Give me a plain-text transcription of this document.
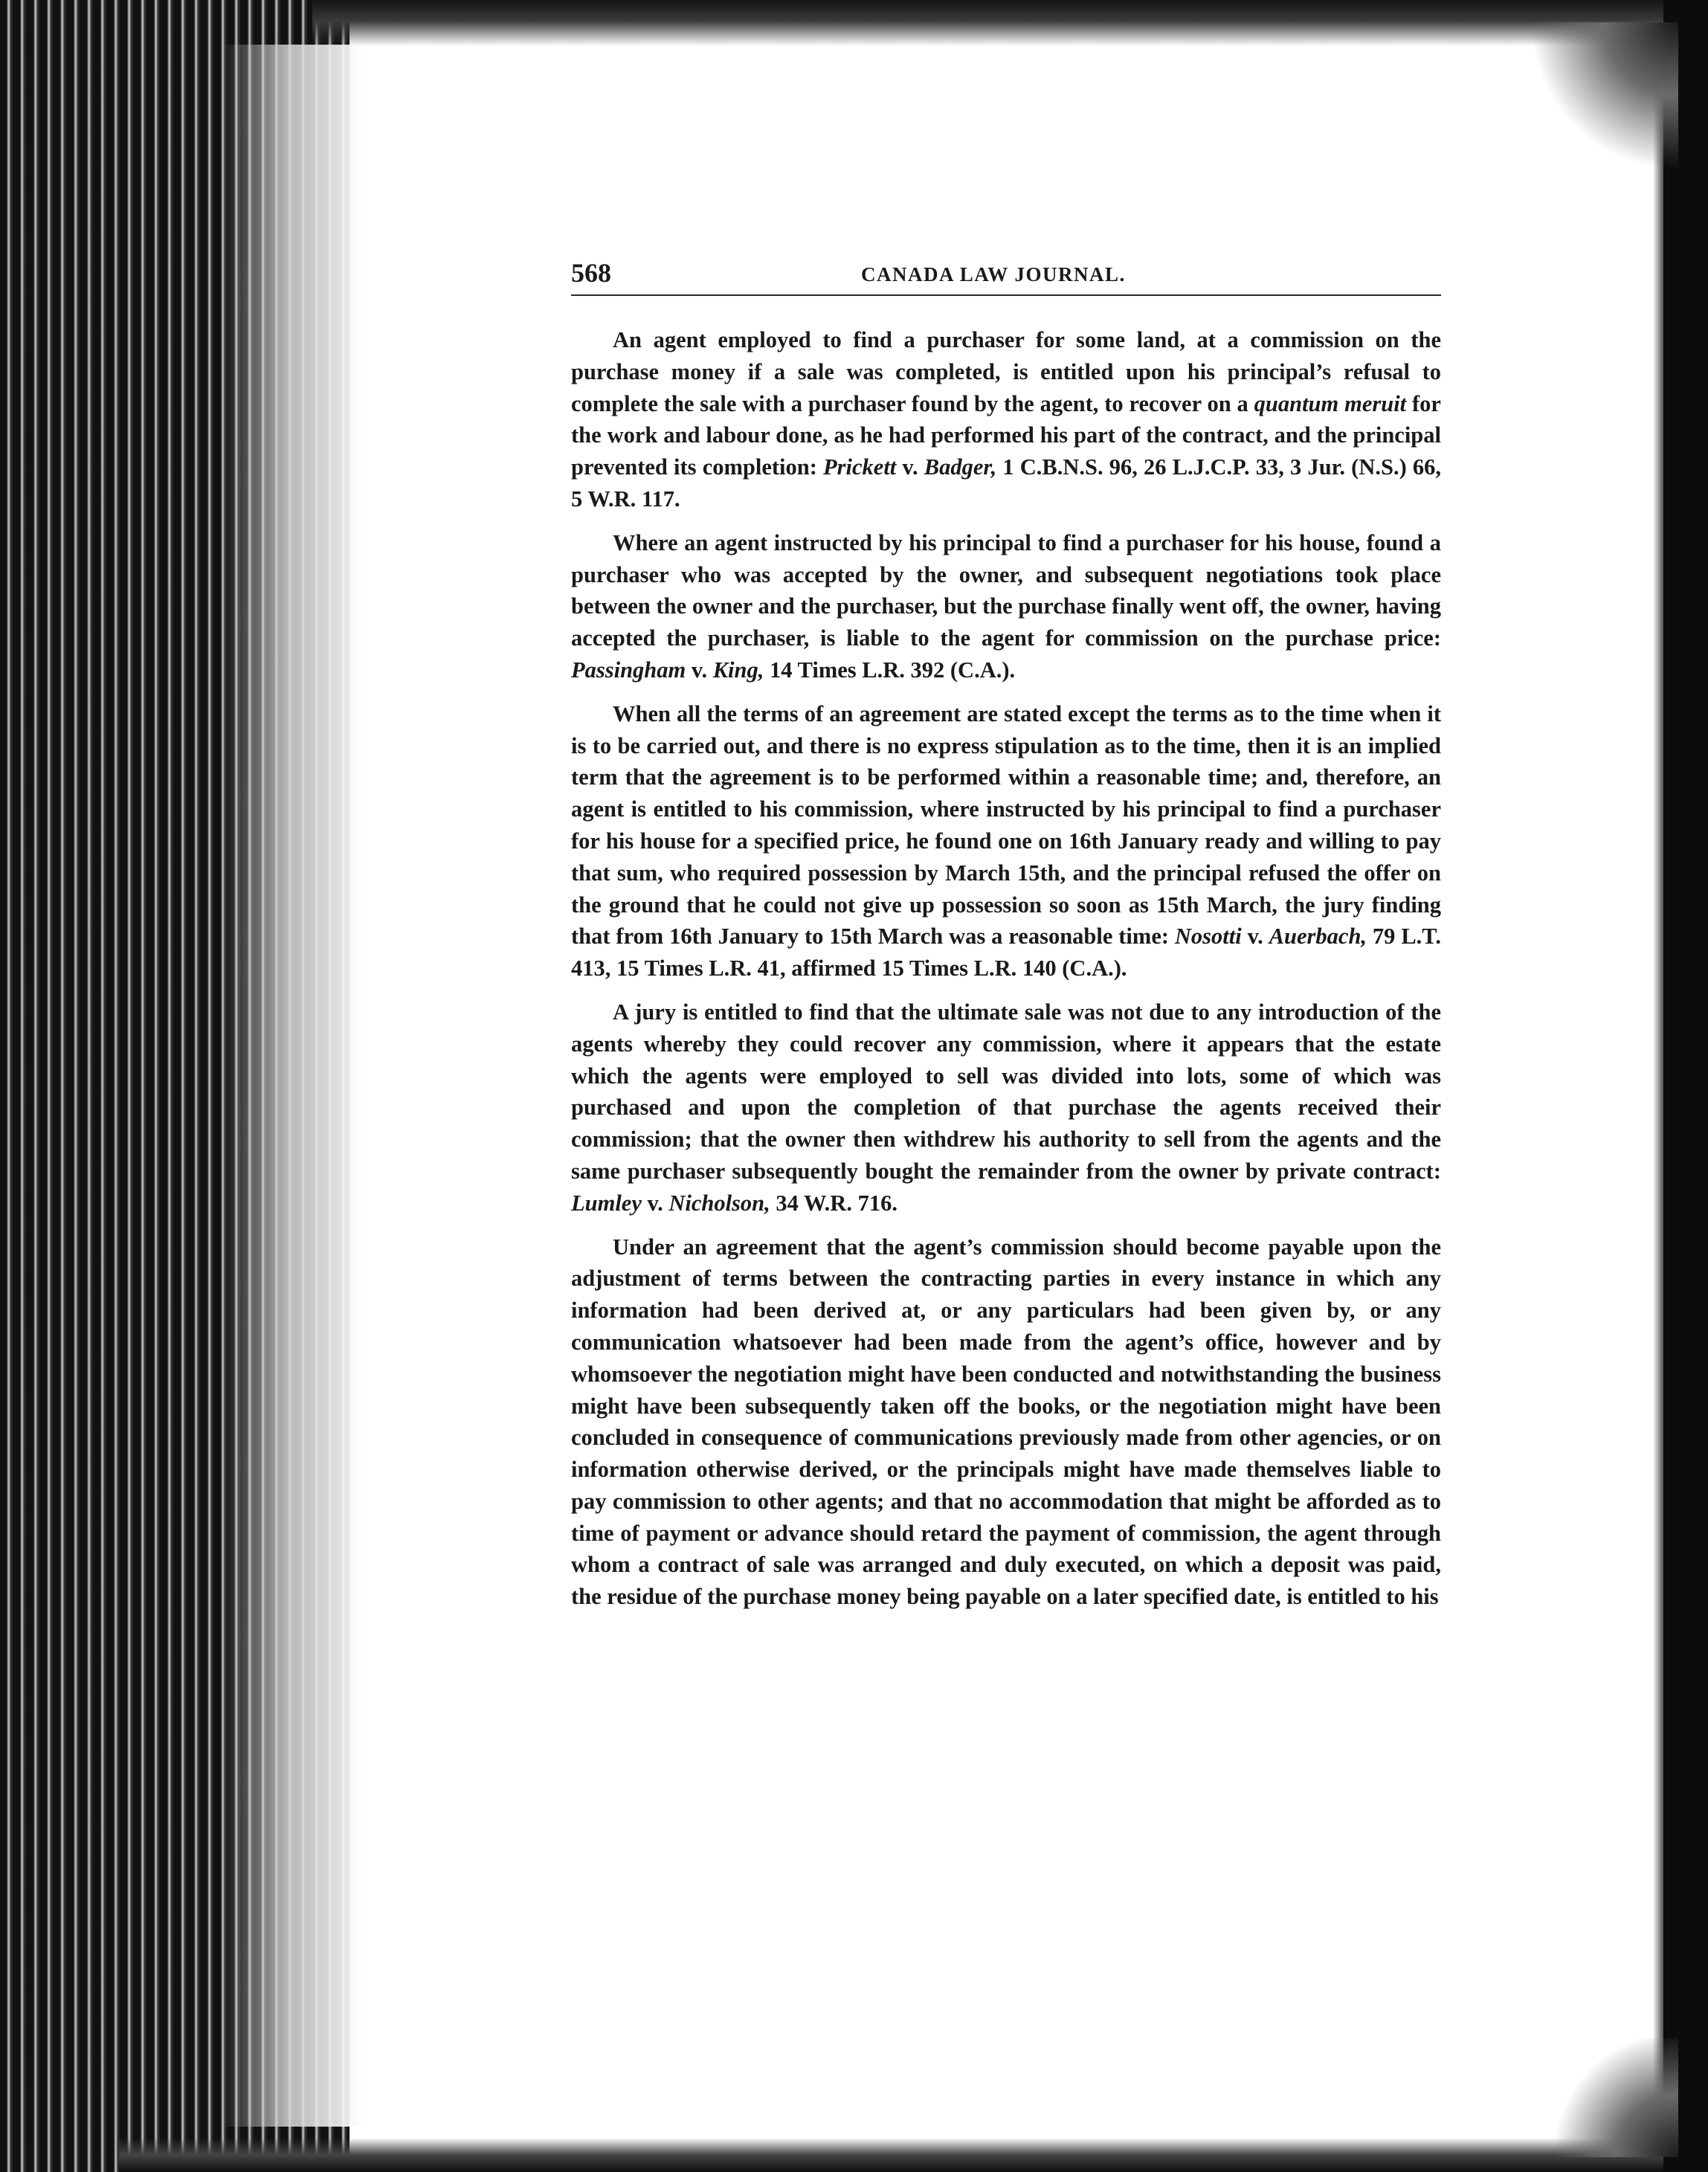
568	CANADA LAW JOURNAL.

An agent employed to find a purchaser for some land, at a commission on the purchase money if a sale was completed, is entitled upon his principal’s refusal to complete the sale with a purchaser found by the agent, to recover on a quantum meruit for the work and labour done, as he had performed his part of the contract, and the principal prevented its completion: Prickett v. Badger, 1 C.B.N.S. 96, 26 L.J.C.P. 33, 3 Jur. (N.S.) 66, 5 W.R. 117.

Where an agent instructed by his principal to find a purchaser for his house, found a purchaser who was accepted by the owner, and subsequent negotiations took place between the owner and the purchaser, but the purchase finally went off, the owner, having accepted the purchaser, is liable to the agent for commission on the purchase price: Passingham v. King, 14 Times L.R. 392 (C.A.).

When all the terms of an agreement are stated except the terms as to the time when it is to be carried out, and there is no express stipulation as to the time, then it is an implied term that the agreement is to be performed within a reasonable time; and, therefore, an agent is entitled to his commission, where instructed by his principal to find a purchaser for his house for a specified price, he found one on 16th January ready and willing to pay that sum, who required possession by March 15th, and the principal refused the offer on the ground that he could not give up possession so soon as 15th March, the jury finding that from 16th January to 15th March was a reasonable time: Nosotti v. Auerbach, 79 L.T. 413, 15 Times L.R. 41, affirmed 15 Times L.R. 140 (C.A.).

A jury is entitled to find that the ultimate sale was not due to any introduction of the agents whereby they could recover any commission, where it appears that the estate which the agents were employed to sell was divided into lots, some of which was purchased and upon the completion of that purchase the agents received their commission; that the owner then withdrew his authority to sell from the agents and the same purchaser subsequently bought the remainder from the owner by private contract: Lumley v. Nicholson, 34 W.R. 716.

Under an agreement that the agent’s commission should become payable upon the adjustment of terms between the contracting parties in every instance in which any information had been derived at, or any particulars had been given by, or any communication whatsoever had been made from the agent’s office, however and by whomsoever the negotiation might have been conducted and notwithstanding the business might have been subsequently taken off the books, or the negotiation might have been concluded in consequence of communications previously made from other agencies, or on information otherwise derived, or the principals might have made themselves liable to pay commission to other agents; and that no accommodation that might be afforded as to time of payment or advance should retard the payment of commission, the agent through whom a contract of sale was arranged and duly executed, on which a deposit was paid, the residue of the purchase money being payable on a later specified date, is entitled to his
